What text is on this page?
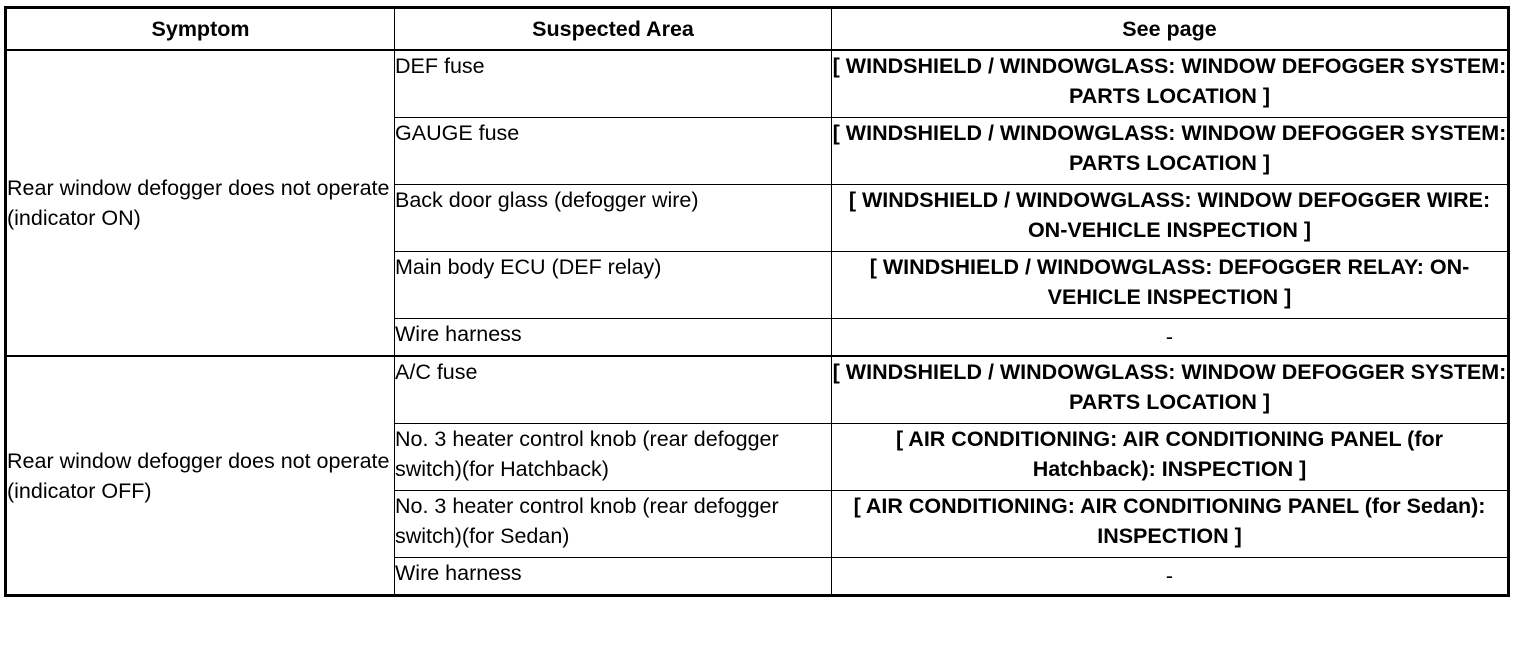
Symptom	Suspected Area	See page
Rear window defogger does not operate (indicator ON)	DEF fuse	[ WINDSHIELD / WINDOWGLASS: WINDOW DEFOGGER SYSTEM: PARTS LOCATION ]
	GAUGE fuse	[ WINDSHIELD / WINDOWGLASS: WINDOW DEFOGGER SYSTEM: PARTS LOCATION ]
	Back door glass (defogger wire)	[ WINDSHIELD / WINDOWGLASS: WINDOW DEFOGGER WIRE: ON-VEHICLE INSPECTION ]
	Main body ECU (DEF relay)	[ WINDSHIELD / WINDOWGLASS: DEFOGGER RELAY: ON-VEHICLE INSPECTION ]
	Wire harness	-
Rear window defogger does not operate (indicator OFF)	A/C fuse	[ WINDSHIELD / WINDOWGLASS: WINDOW DEFOGGER SYSTEM: PARTS LOCATION ]
	No. 3 heater control knob (rear defogger switch)(for Hatchback)	[ AIR CONDITIONING: AIR CONDITIONING PANEL (for Hatchback): INSPECTION ]
	No. 3 heater control knob (rear defogger switch)(for Sedan)	[ AIR CONDITIONING: AIR CONDITIONING PANEL (for Sedan): INSPECTION ]
	Wire harness	-
